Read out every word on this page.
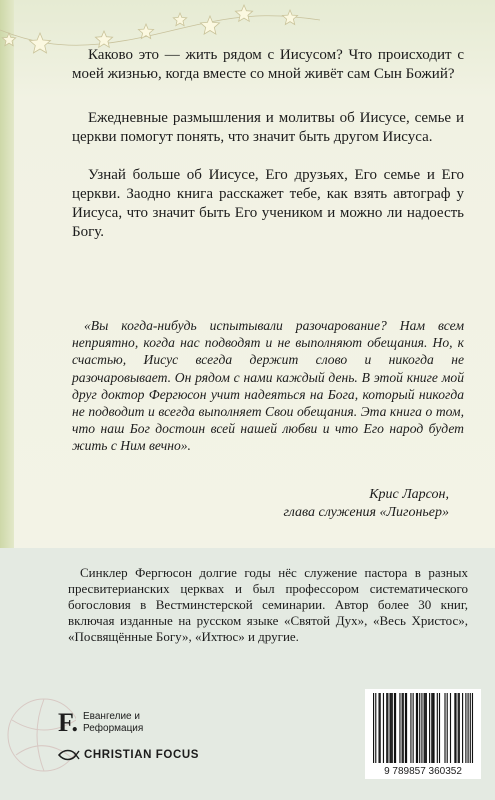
Каково это — жить рядом с Иисусом? Что происходит с моей жизнью, когда вместе со мной живёт сам Сын Божий?

Ежедневные размышления и молитвы об Иисусе, семье и церкви помогут понять, что значит быть другом Иисуса.

Узнай больше об Иисусе, Его друзьях, Его семье и Его церкви. Заодно книга расскажет тебе, как взять автограф у Иисуса, что значит быть Его учеником и можно ли надоесть Богу.

«Вы когда-нибудь испытывали разочарование? Нам всем неприятно, когда нас подводят и не выполняют обещания. Но, к счастью, Иисус всегда держит слово и никогда не разочаровывает. Он рядом с нами каждый день. В этой книге мой друг доктор Фергюсон учит надеяться на Бога, который никогда не подводит и всегда выполняет Свои обещания. Эта книга о том, что наш Бог достоин всей нашей любви и что Его народ будет жить с Ним вечно».

Крис Ларсон,

глава служения «Лигоньер»

Синклер Фергюсон долгие годы нёс служение пастора в разных пресвитерианских церквах и был профессором систематического богословия в Вестминстерской семинарии. Автор более 30 книг, включая изданные на русском языке «Святой Дух», «Весь Христос», «Посвящённые Богу», «Ихтюс» и другие.

F. Евангелие и
Реформация
CHRISTIAN FOCUS
9 789857 360352
